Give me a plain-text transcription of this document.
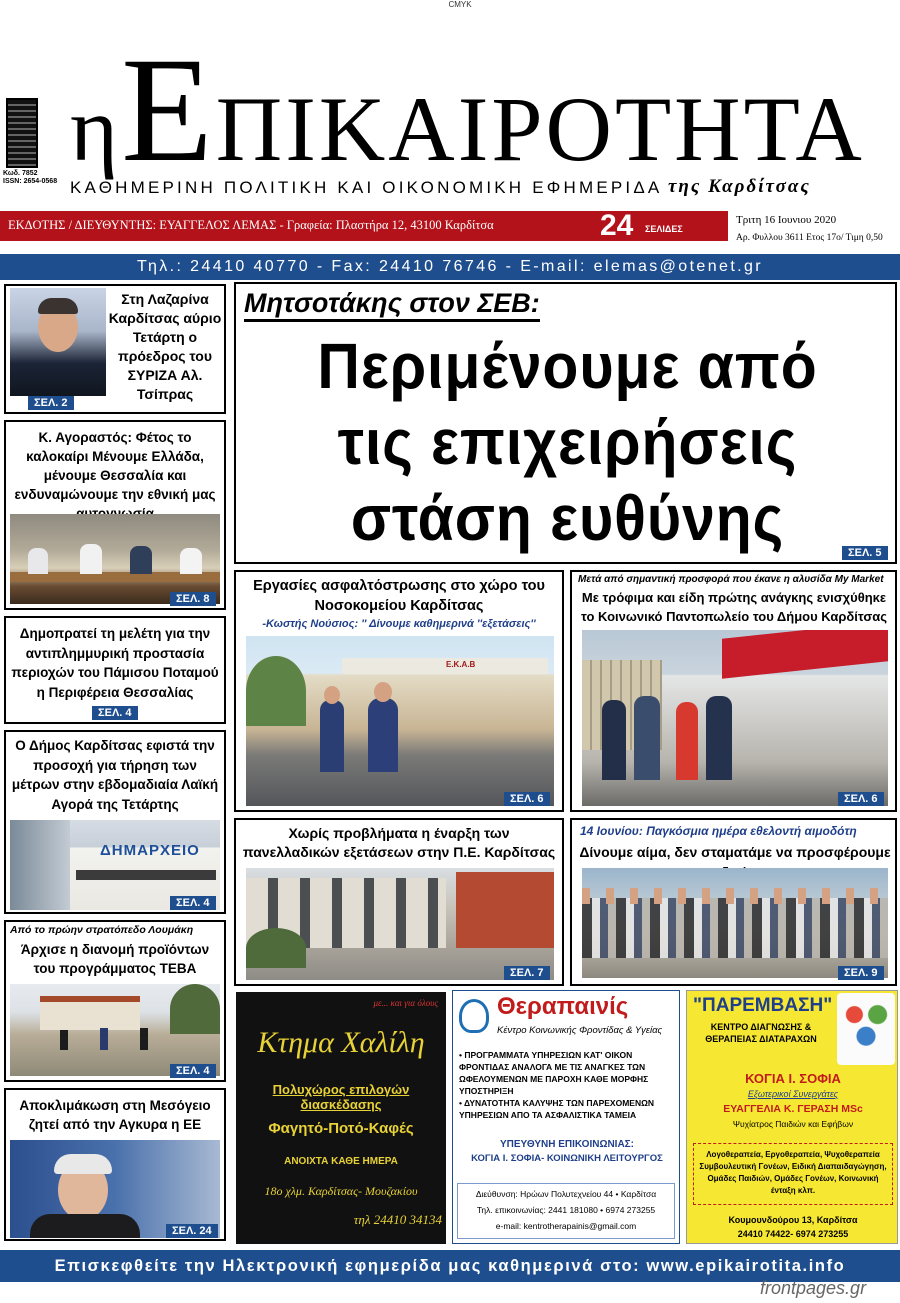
CMYK
Κωδ. 7852
ISSN: 2654-0568
ηΕΠΙΚΑΙΡΟΤΗΤΑ
ΚΑΘΗΜΕΡΙΝΗ ΠΟΛΙΤΙΚΗ ΚΑΙ ΟΙΚΟΝΟΜΙΚΗ ΕΦΗΜΕΡΙΔΑ της Καρδίτσας
ΕΚΔΟΤΗΣ / ΔΙΕΥΘΥΝΤΗΣ: ΕΥΑΓΓΕΛΟΣ ΛΕΜΑΣ - Γραφεία: Πλαστήρα 12, 43100 Καρδίτσα	24 ΣΕΛΙΔΕΣ
Τριτη 16 Ιουνιου 2020
Αρ. Φυλλου 3611 Ετος 17ο/ Τιμη 0,50
Τηλ.: 24410 40770 - Fax: 24410 76746 - E-mail: elemas@otenet.gr
Στη Λαζαρίνα Καρδίτσας αύριο Τετάρτη ο πρόεδρος του ΣΥΡΙΖΑ Αλ. Τσίπρας
ΣΕΛ. 2
Κ. Αγοραστός: Φέτος το καλοκαίρι Μένουμε Ελλάδα, μένουμε Θεσσαλία και ενδυναμώνουμε την εθνική μας
ΣΕΛ. 8
Δημοπρατεί τη μελέτη για την αντιπλημμυρική προστασία περιοχών του Πάμισου Ποταμού η Περιφέρεια Θεσσαλίας
ΣΕΛ. 4
Ο Δήμος Καρδίτσας εφιστά την προσοχή για τήρηση των μέτρων στην εβδομαδιαία Λαϊκή Αγορά της Τετάρτης
ΔΗΜΑΡΧΕΙΟ
ΣΕΛ. 4
Από το πρώην στρατόπεδο Λουμάκη
Άρχισε η διανομή προϊόντων του προγράμματος ΤΕΒΑ
ΣΕΛ. 4
Αποκλιμάκωση στη Μεσόγειο ζητεί από την Αγκυρα η ΕΕ
ΣΕΛ. 24
Μητσοτάκης στον ΣΕΒ:
Περιμένουμε από
τις επιχειρήσεις
στάση ευθύνης	ΣΕΛ. 5
Εργασίες ασφαλτόστρωσης στο χώρο του Νοσοκομείου Καρδίτσας
-Κωστής Νούσιος: '' Δίνουμε καθημερινά ''εξετάσεις''
Ε.Κ.Α.Β
ΣΕΛ. 6
Μετά από σημαντική προσφορά που έκανε η αλυσίδα My Market
Με τρόφιμα και είδη πρώτης ανάγκης ενισχύθηκε το Κοινωνικό Παντοπωλείο του Δήμου Καρδίτσας
ΣΕΛ. 6
Χωρίς προβλήματα η έναρξη των πανελλαδικών εξετάσεων στην Π.Ε. Καρδίτσας
ΣΕΛ. 7
14 Ιουνίου: Παγκόσμια ημέρα εθελοντή αιμοδότη
Δίνουμε αίμα, δεν σταματάμε να προσφέρουμε
ΣΕΛ. 9
με... και για όλους
Κτημα Χαλίλη
Πολυχώρος επιλογών διασκέδασης
Φαγητό-Ποτό-Καφές
ΑΝΟΙΧΤΑ ΚΑΘΕ ΗΜΕΡΑ
18ο χλμ. Καρδίτσας- Μουζακίου
τηλ 24410 34134
Θεραπαινίς
Κέντρο Κοινωνικής Φροντίδας & Υγείας
• ΠΡΟΓΡΑΜΜΑΤΑ ΥΠΗΡΕΣΙΩΝ ΚΑΤ' ΟΙΚΟΝ ΦΡΟΝΤΙΔΑΣ ΑΝΑΛΟΓΑ ΜΕ ΤΙΣ ΑΝΑΓΚΕΣ ΤΩΝ ΩΦΕΛΟΥΜΕΝΩΝ ΜΕ ΠΑΡΟΧΗ ΚΑΘΕ ΜΟΡΦΗΣ ΥΠΟΣΤΗΡΙΞΗ
• ΔΥΝΑΤΟΤΗΤΑ ΚΑΛΥΨΗΣ ΤΩΝ ΠΑΡΕΧΟΜΕΝΩΝ ΥΠΗΡΕΣΙΩΝ ΑΠΟ ΤΑ ΑΣΦΑΛΙΣΤΙΚΑ ΤΑΜΕΙΑ
ΥΠΕΥΘΥΝΗ ΕΠΙΚΟΙΝΩΝΙΑΣ:
ΚΟΓΙΑ Ι. ΣΟΦΙΑ- ΚΟΙΝΩΝΙΚΗ ΛΕΙΤΟΥΡΓΟΣ
Διεύθυνση: Ηρώων Πολυτεχνείου 44 • Καρδίτσα
Τηλ. επικοινωνίας: 2441 181080 • 6974 273255
e-mail: kentrotherapainis@gmail.com
"ΠΑΡΕΜΒΑΣΗ"
ΚΕΝΤΡΟ ΔΙΑΓΝΩΣΗΣ & ΘΕΡΑΠΕΙΑΣ ΔΙΑΤΑΡΑΧΩΝ
ΚΟΓΙΑ Ι. ΣΟΦΙΑ
Εξωτερικοί Συνεργάτες
ΕΥΑΓΓΕΛΙΑ Κ. ΓΕΡΑΣΗ MSc
Ψυχίατρος Παιδιών και Εφήβων
Λογοθεραπεία, Εργοθεραπεία, Ψυχοθεραπεία Συμβουλευτική Γονέων, Ειδική Διαπαιδαγώγηση, Ομάδες Παιδιών, Ομάδες Γονέων, Κοινωνική ένταξη κλπ.
Κουμουνδούρου 13, Καρδίτσα
24410 74422- 6974 273255
Επισκεφθείτε την Ηλεκτρονική εφημερίδα μας καθημερινά στο: www.epikairotita.info
frontpages.gr
